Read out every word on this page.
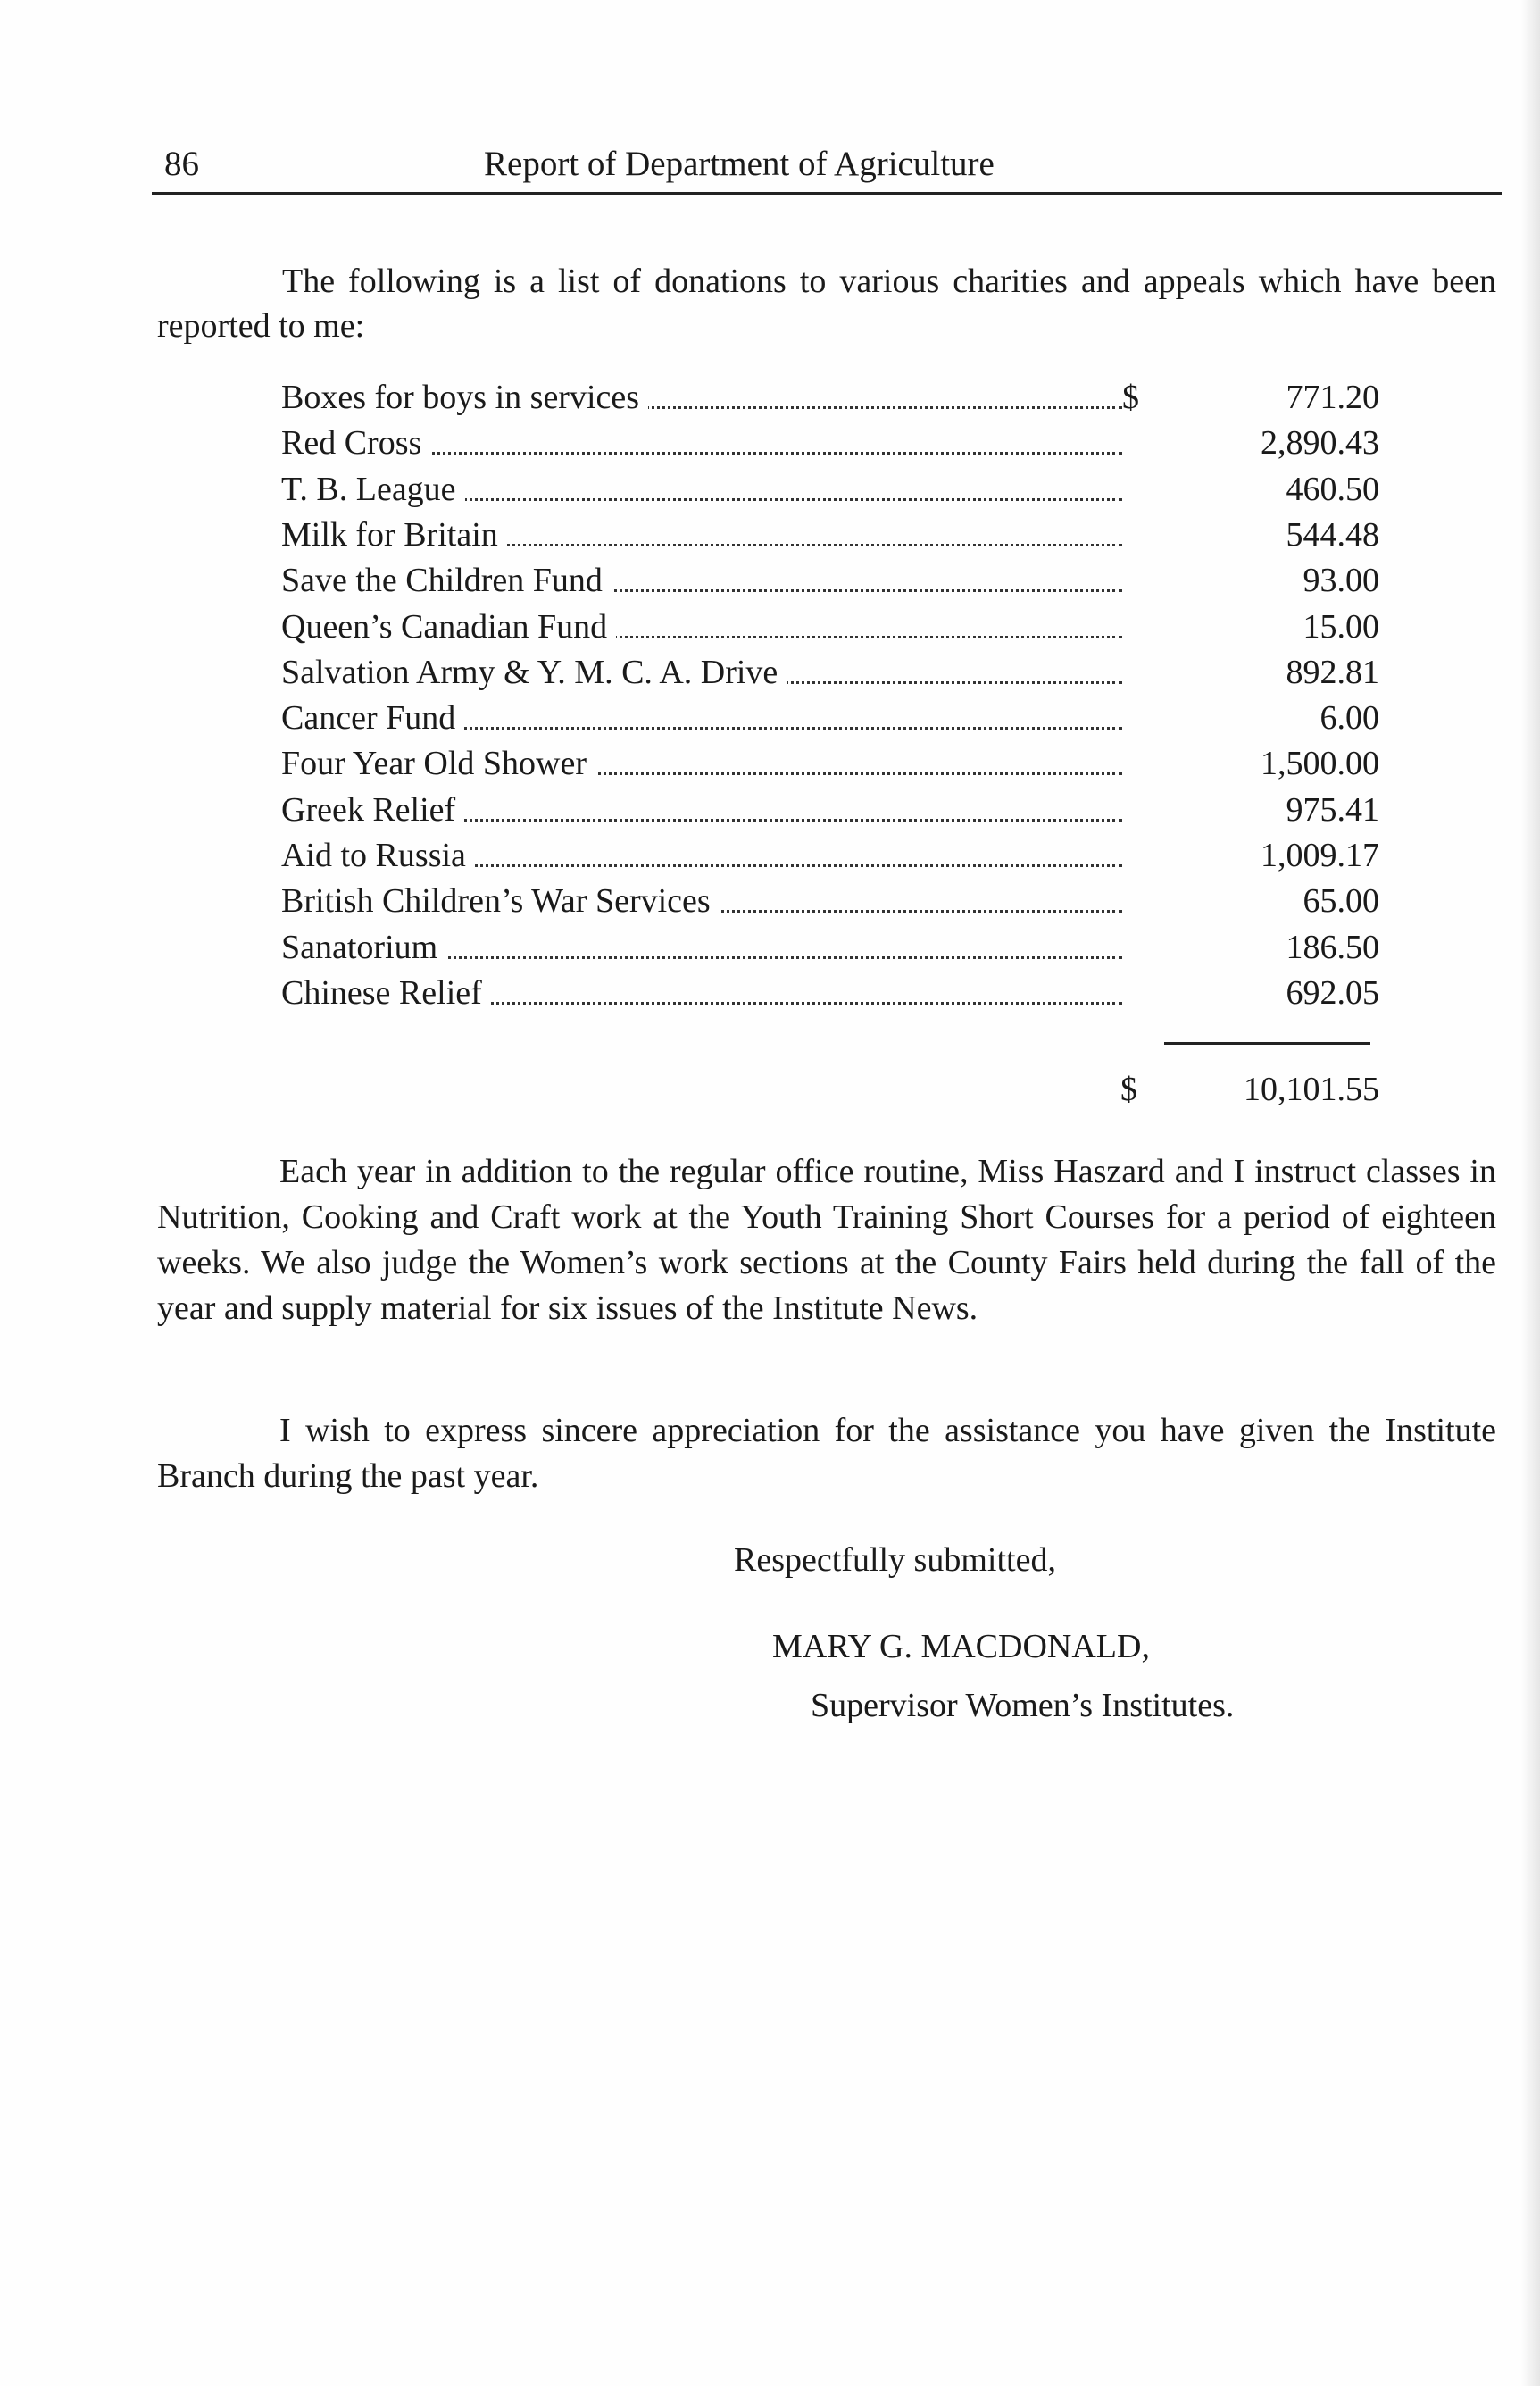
86	Report of Department of Agriculture
The following is a list of donations to various charities and appeals which have been reported to me:
Boxes for boys in services	$	771.20
Red Cross	2,890.43
T. B. League	460.50
Milk for Britain	544.48
Save the Children Fund	93.00
Queen’s Canadian Fund	15.00
Salvation Army & Y. M. C. A. Drive	892.81
Cancer Fund	6.00
Four Year Old Shower	1,500.00
Greek Relief	975.41
Aid to Russia	1,009.17
British Children’s War Services	65.00
Sanatorium	186.50
Chinese Relief	692.05
$	10,101.55
Each year in addition to the regular office routine, Miss Haszard and I instruct classes in Nutrition, Cooking and Craft work at the Youth Training Short Courses for a period of eighteen weeks. We also judge the Women’s work sections at the County Fairs held during the fall of the year and supply material for six issues of the Institute News.
I wish to express sincere appreciation for the assistance you have given the Institute Branch during the past year.
Respectfully submitted,
MARY G. MACDONALD,
Supervisor Women’s Institutes.
